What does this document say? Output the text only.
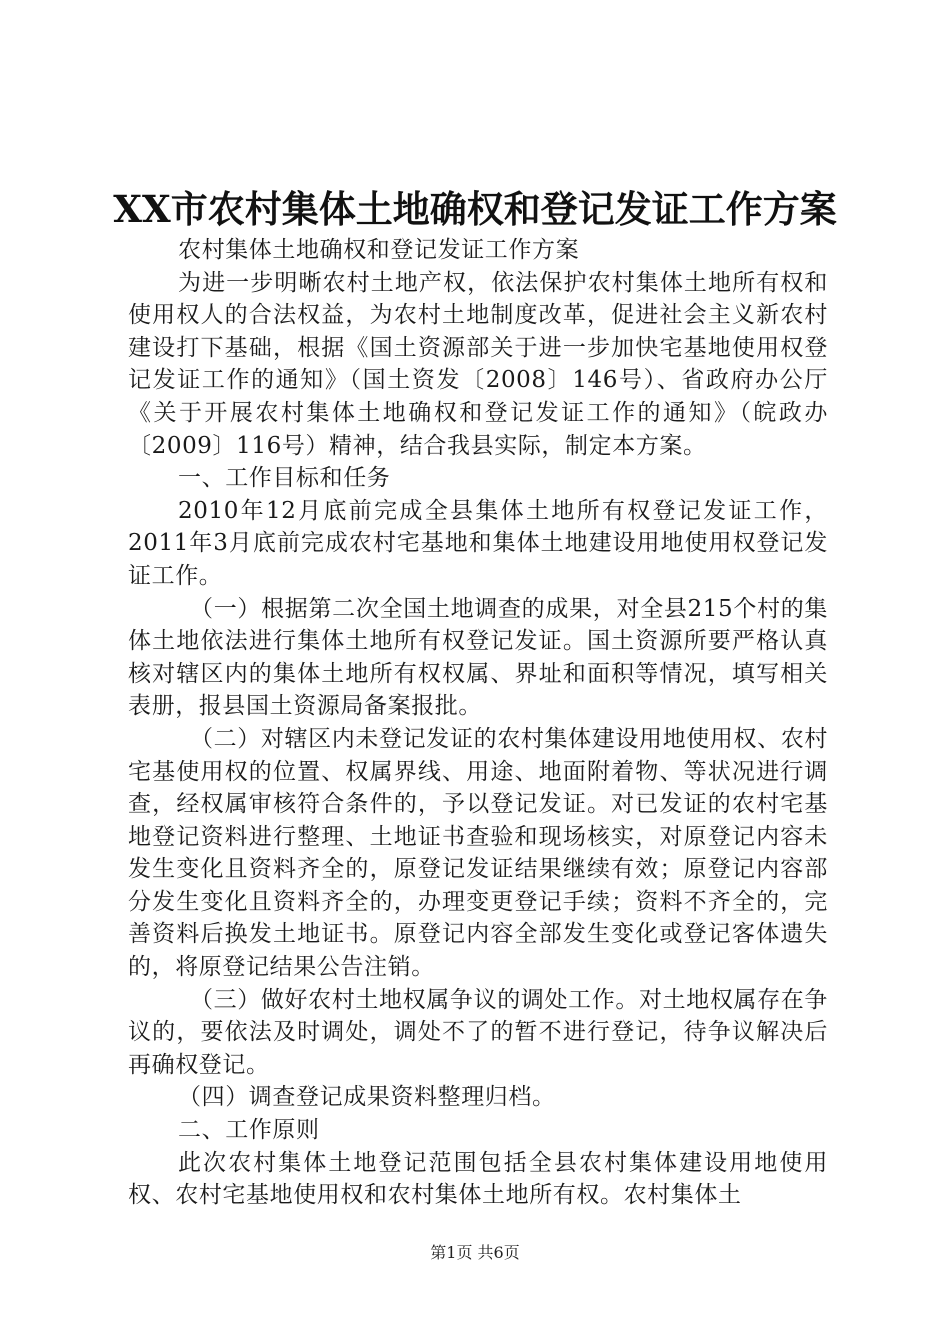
XX市农村集体土地确权和登记发证工作方案

农村集体土地确权和登记发证工作方案

为进一步明晰农村土地产权，依法保护农村集体土地所有权和使用权人的合法权益，为农村土地制度改革，促进社会主义新农村建设打下基础，根据《国土资源部关于进一步加快宅基地使用权登记发证工作的通知》（国土资发〔2008〕146号）、省政府办公厅《关于开展农村集体土地确权和登记发证工作的通知》（皖政办〔2009〕116号）精神，结合我县实际，制定本方案。

一、工作目标和任务

2010年12月底前完成全县集体土地所有权登记发证工作，2011年3月底前完成农村宅基地和集体土地建设用地使用权登记发证工作。

（一）根据第二次全国土地调查的成果，对全县215个村的集体土地依法进行集体土地所有权登记发证。国土资源所要严格认真核对辖区内的集体土地所有权权属、界址和面积等情况，填写相关表册，报县国土资源局备案报批。

（二）对辖区内未登记发证的农村集体建设用地使用权、农村宅基使用权的位置、权属界线、用途、地面附着物、等状况进行调查，经权属审核符合条件的，予以登记发证。对已发证的农村宅基地登记资料进行整理、土地证书查验和现场核实，对原登记内容未发生变化且资料齐全的，原登记发证结果继续有效；原登记内容部分发生变化且资料齐全的，办理变更登记手续；资料不齐全的，完善资料后换发土地证书。原登记内容全部发生变化或登记客体遗失的，将原登记结果公告注销。

（三）做好农村土地权属争议的调处工作。对土地权属存在争议的，要依法及时调处，调处不了的暂不进行登记，待争议解决后再确权登记。

（四）调查登记成果资料整理归档。

二、工作原则

此次农村集体土地登记范围包括全县农村集体建设用地使用权、农村宅基地使用权和农村集体土地所有权。农村集体土

第1页 共6页
